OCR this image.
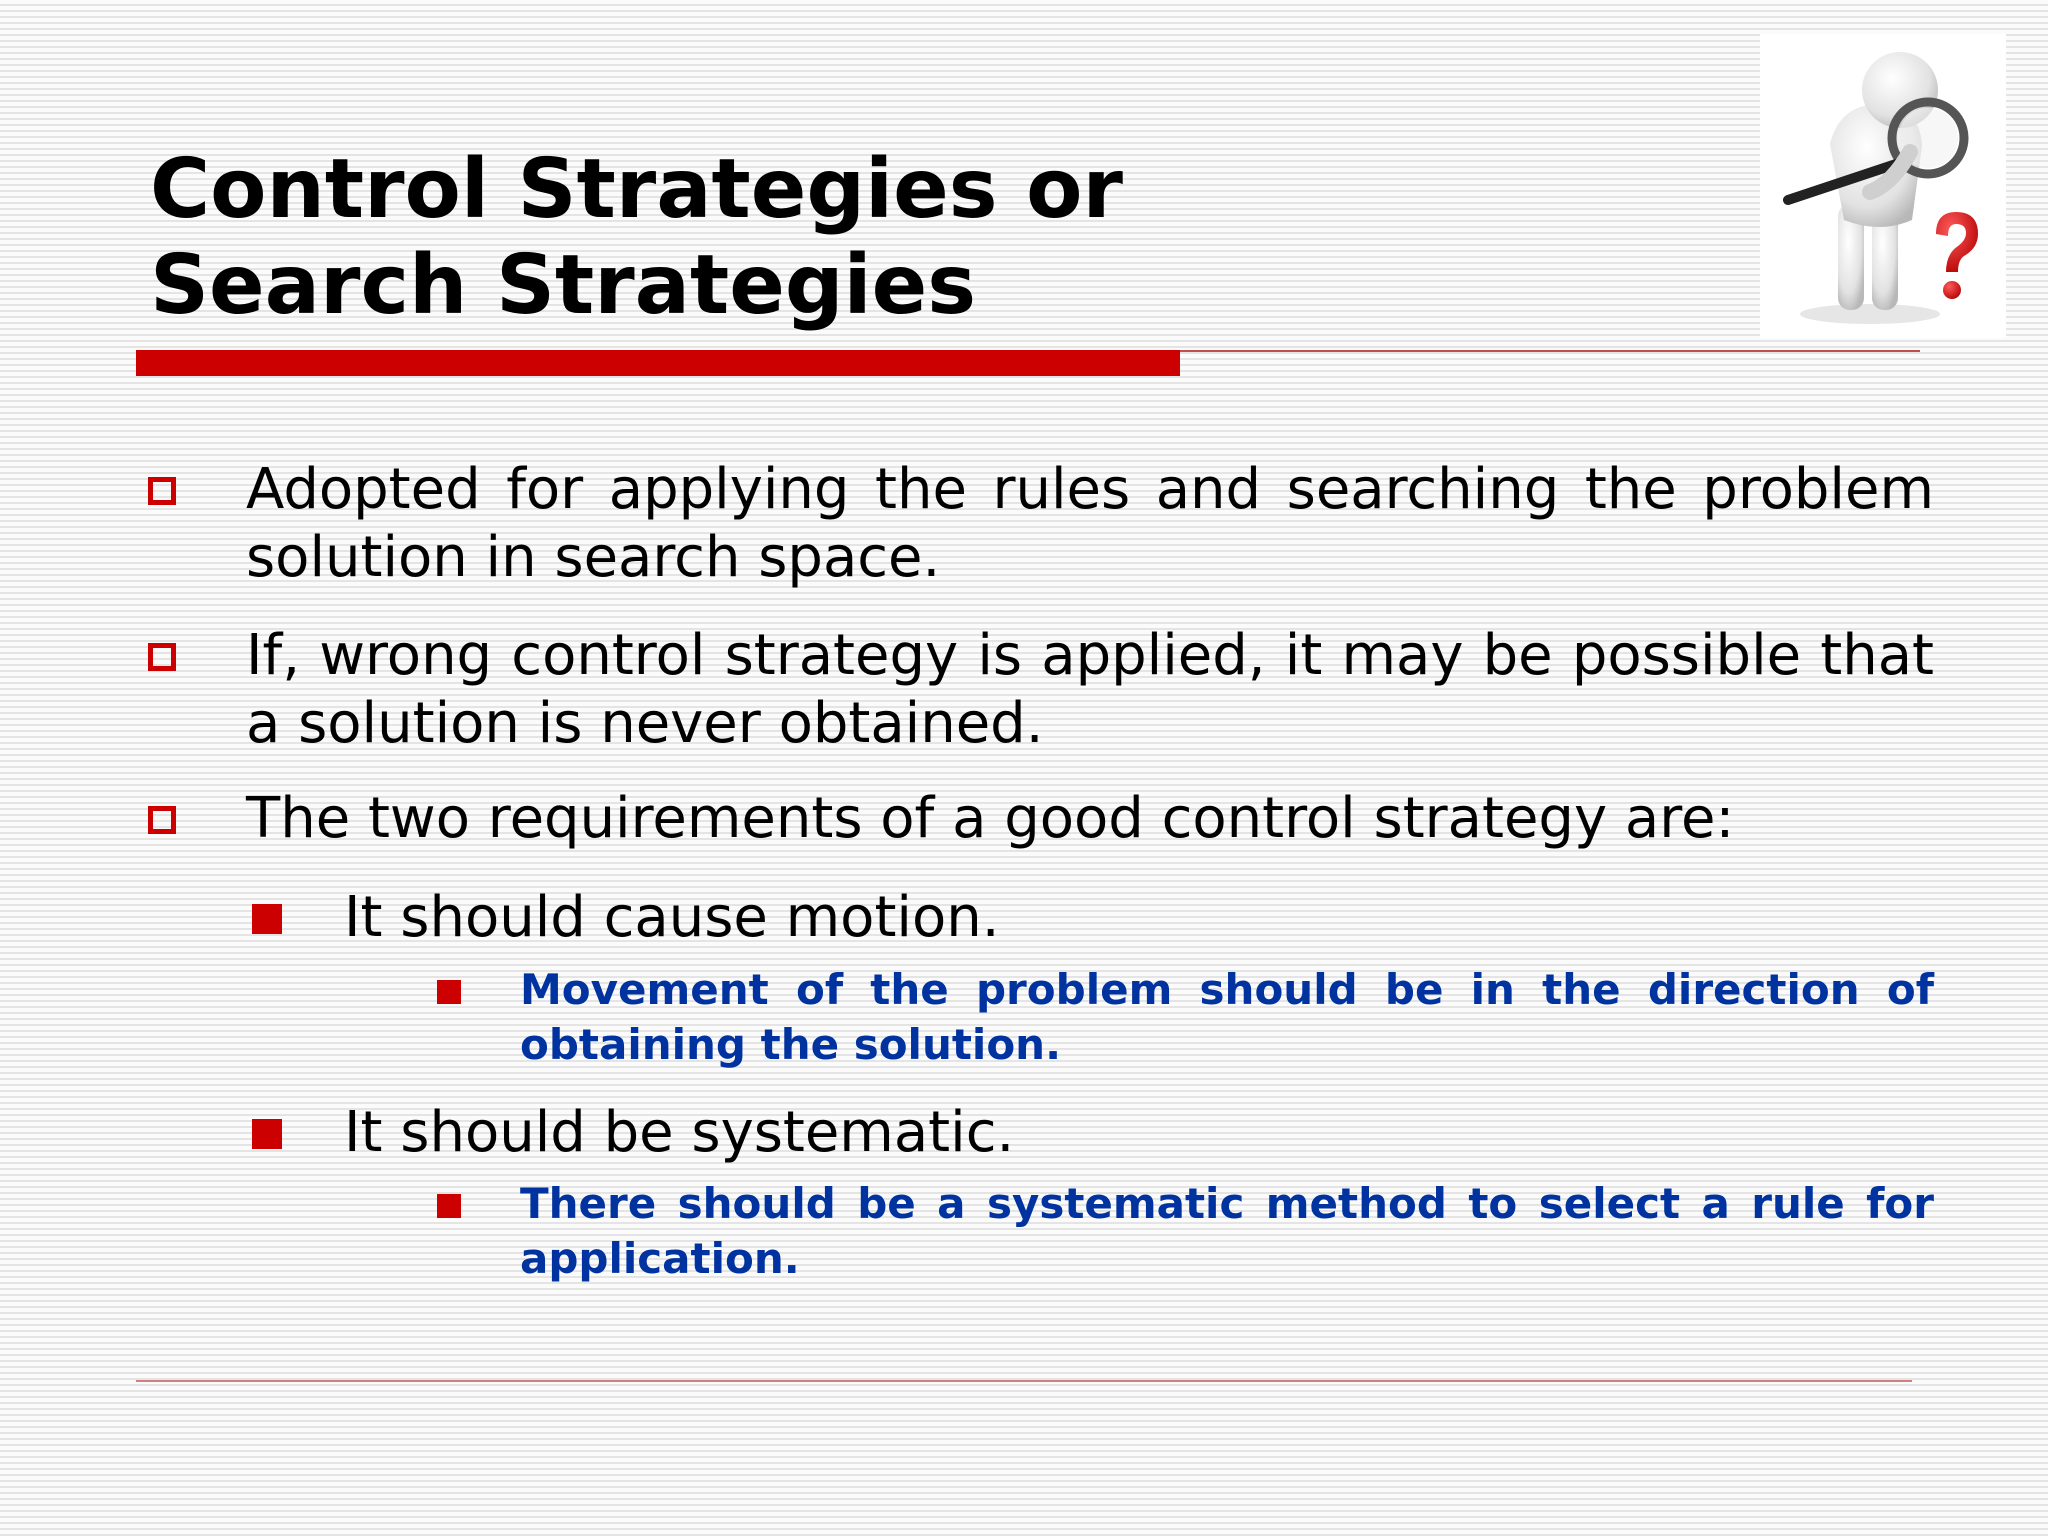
Control Strategies or
Search Strategies
Adopted for applying the rules and searching the problem solution in search space.
If, wrong control strategy is applied, it may be possible that a solution is never obtained.
The two requirements of a good control strategy are:
It should cause motion.
Movement of the problem should be in the direction of obtaining the solution.
It should be systematic.
There should be a systematic method to select a rule for application.
